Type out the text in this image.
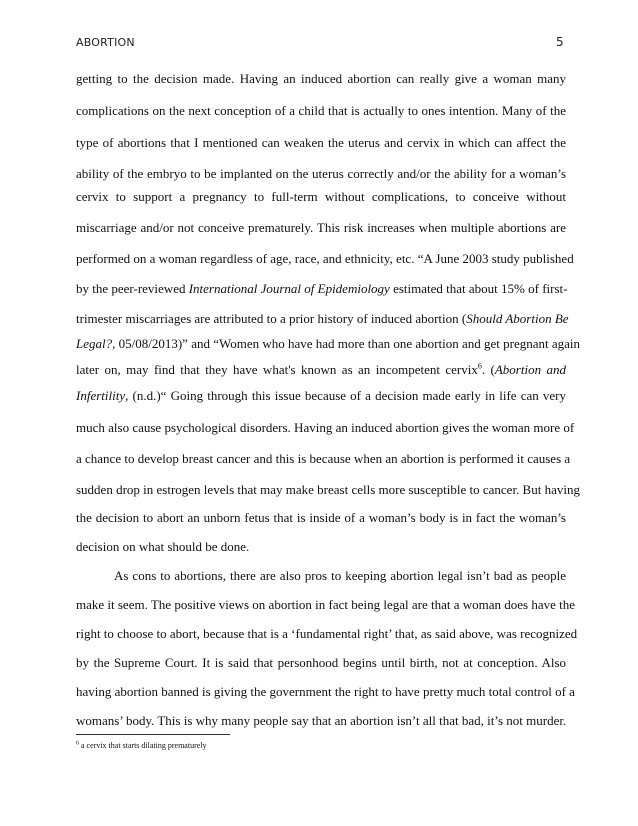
ABORTION	5
getting to the decision made. Having an induced abortion can really give a woman many
complications on the next conception of a child that is actually to ones intention. Many of the
type of abortions that I mentioned can weaken the uterus and cervix in which can affect the
ability of the embryo to be implanted on the uterus correctly and/or the ability for a woman’s
cervix to support a pregnancy to full-term without complications, to conceive without
miscarriage and/or not conceive prematurely. This risk increases when multiple abortions are
performed on a woman regardless of age, race, and ethnicity, etc. “A June 2003 study published
by the peer-reviewed International Journal of Epidemiology estimated that about 15% of first-
trimester miscarriages are attributed to a prior history of induced abortion (Should Abortion Be
Legal?, 05/08/2013)” and “Women who have had more than one abortion and get pregnant again
later on, may find that they have what's known as an incompetent cervix$^6$. (Abortion and
Infertility, (n.d.)“ Going through this issue because of a decision made early in life can very
much also cause psychological disorders. Having an induced abortion gives the woman more of
a chance to develop breast cancer and this is because when an abortion is performed it causes a
sudden drop in estrogen levels that may make breast cells more susceptible to cancer. But having
the decision to abort an unborn fetus that is inside of a woman’s body is in fact the woman’s
decision on what should be done.
As cons to abortions, there are also pros to keeping abortion legal isn’t bad as people
make it seem. The positive views on abortion in fact being legal are that a woman does have the
right to choose to abort, because that is a ‘fundamental right’ that, as said above, was recognized
by the Supreme Court. It is said that personhood begins until birth, not at conception. Also
having abortion banned is giving the government the right to have pretty much total control of a
womans’ body. This is why many people say that an abortion isn’t all that bad, it’s not murder.
$^6$ a cervix that starts dilating prematurely
